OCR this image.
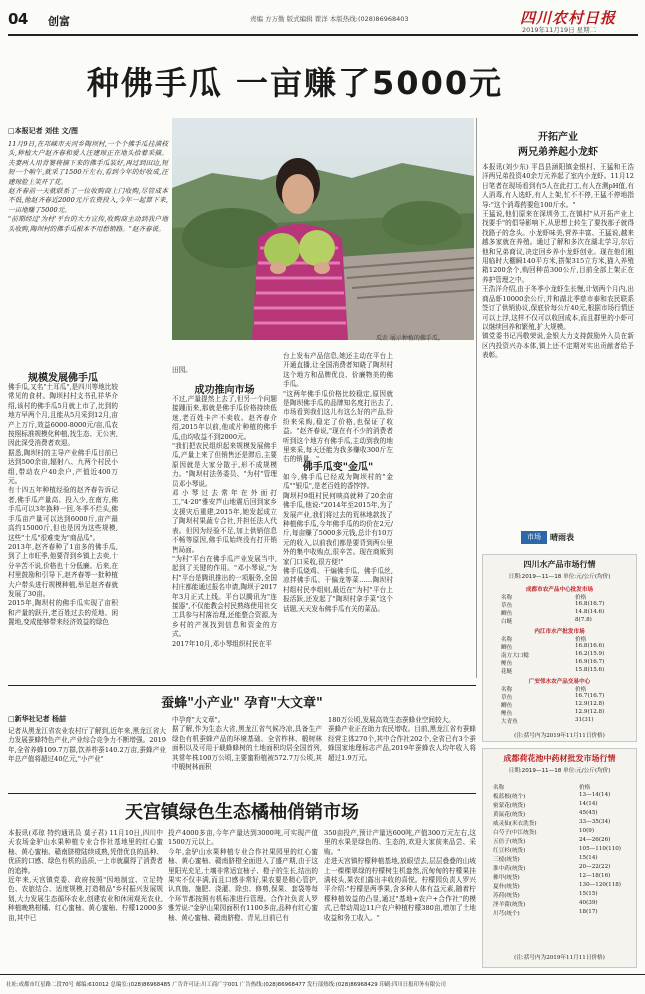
04 创富	责编 方万勤 版式编辑 瞿洋 本版热线:(028)86968403	四川农村日报
2019年11月19日 星期二
种佛手瓜 一亩赚了5000元
□本报记者 刘佳 文/图
11月9日,在邛崃市天河乡陶坝村,一个个佛手瓜挂满枝头,种植大户赵齐春和爱人汪建琼正在地头拾着采摘。夫妻两人用背篓将摘下来的佛手瓜装好,再过到田边,短短一个晌午,就采了1500斤左右,看到今年的好收成,汪建琼脸上笑开了花。
赵齐春前一天就联系了一位收购商上门收购,尽管成本不低,他赵齐春近2000元斤农资投入,今年一起算下来,一亩地赚了5000元。
"前期经过'为村'平台的大力宣传,收购商主动到我户地头收购,陶坝村的佛手瓜根本不用愁销路。"赵齐春说。
瓜农 展示种植的佛手瓜。
规模发展佛手瓜
佛手瓜,又名"土耳瓜",是四川等地比较常见的食材。陶坝村村支书孔祥华介绍,该村的佛手瓜5月就上市了,比到的地方早两个月,且能从5月采到12月,亩产上万斤,效益6000-8000元/亩,瓜农按照标准规模化种植,找生态、无公害,因此深受消费者欢迎。
据悉,陶坝村的主导产业佛手瓜目前已达到500余亩,辐射八、九两个村民小组,带动农户40余户,产值近400万元。
有十四五年种植经验的赵齐春告诉记者,佛手瓜产量高、投入少,在南方,佛手瓜可以3年换种一回,冬季不烂头,佛手瓜亩产量可以达到6000斤,亩产最高约15000斤,但也是因为这些规模,这些"土瓜"很难变为"商品瓜"。
2013年,赵齐春种了1亩多的佛手瓜,到了上市旺季,他要背到乡镇上去卖,十分辛苦不说,价格也十分低廉。后来,在村里鼓励和引导下,赵齐春等一批种植大户带头进行规模种植,举足赵齐春就发展了30亩。
2015年,陶坝村的佛手瓜实现了亩积和产量的跃升,老百姓过去的荒地、闲置地,变成能够带来经济效益的绿色
田园。
成功推向市场
不过,产量提然上去了,但另一个问题接踵而来,那就是佛手瓜价格持续低迷,老百姓卡产不卖收。赵齐春介绍,2015年以前,他或片种植的佛手瓜,由均收益不到2000元。
"我们把农民组织起来规模发展佛手瓜,产量上来了但销售还是滞后,主要原因就是大家分散于,形不成规模力。"陶坝村法务委员、"为村"管理员邓小琴说。
邓小琴过去常年在外面打工,"4·20"雅安芦山地震后回到家乡支援灾后重建,2015年,她发起成立了陶坝村果蔬专合社,并担任法人代表。但因为经验不足,加上供销信息不畅等原因,佛手瓜始终没有打开销售局面。
"为村"平台在佛手瓜产业发展当中,起到了关键的作用。"邓小琴说,"为村"平台是腾讯推出的一项服务,全国村庄都能通过报名申请,陶坝于2017年3月正式上线。平台以腾讯为"连接器",不仅能教会村民熟练使用社交工具参与村落治理,还能整合资源,为乡村的产视找到信息和资金的方式。
2017年10月,邓小琴组织村民在平
台上发布产品信息,她还主动在平台上开通直播,让全国消费者知晓了陶坝村这个地方和品牌优良、价廉物美的佛手瓜。
"这两年佛手瓜价格比较稳定,原因就是陶坝佛手瓜的品牌知名度打出去了,市场看到我们这儿有这么好的产品,纷纷来采购,稳定了价格,也保证了收益。"赵齐春说,"现在有不少的消费者听到这个地方有佛手瓜,主动到我的地里来采,每天还能为我多赚收300斤左右的销量。"
佛手瓜变"金瓜"
如今,佛手瓜已经成为陶坝村的"金瓜""银瓜",是老百姓的香饽饽。
陶坝村9组村民何映高就种了20余亩佛手瓜,他说:"2014年至2015年,为了发展产业,我们将过去的荒林地款找了种植佛手瓜,今年佛手瓜的均价在2元/斤,每亩赚了5000多元钱,总计有10万元的收入,以前我们都是要背到两公里外的集中收购点,很辛苦。现在商贩到家门口采收,很方便!"
佛手瓜烧鸡、干煸佛手瓜、佛手瓜丝,凉拌佛手瓜、干偏龙等菜……陶坝村村组村民李组则,最近在"为村"平台上报活跃,还发起了"陶坝村拿手菜"这个话题,天天发布佛手瓜有关的菜品。
开拓产业
两兄弟养起小龙虾
本报讯(刘少东) 平昌县涵阳镇金银村、王猛和王浩洋两兄弟投资40余万元养起了室内小龙虾。11月12日笔者在现场看到有5人在此打工,有人在测pH值,有人消毒,有人选虾,有人上架,忙不不停,王猛不停地指导:"这个消毒药要危100斤水。"
王猛说,他们原来在深圳务工,在镇村"从开拓产业上找要手"的倡导影响下,从思想上转生了要找那子就得找路子的念头。小龙虾味美,营养丰富、王猛说,越来越多家就在养殖。通过了解和多次在湖北学习,尔后他和兄弟商议,决定回乡养小龙虾创业。现在他们租用临时大棚瞬140平方米,搭架315立方米,猫入养殖箱1200余个,购回种苗300公斤,目前全部上架正在养护管理之中。
王浩洋介绍,由于冬季小龙虾生长慢,计划两个月内,出商品虾10000余公斤,并和湖北季慈市泰和农民联系签订了供销协议,保底价每公斤40元,根据市场行情还可以上浮,这样不仅可以收回成本,而且群里的小虾可以继续回养和繁殖,扩大规模。
镇党委书记冯敬荣说,金银大力支持鼓励外入员在新区内投资兴办本体,镇上还不定期对实出贡献者给予表彰。
市场	晴雨表
四川水产品市场行情
日期:2019—11—18 单位:元/公斤(均价)
成都市农产品中心批发市场
名称	价格
草鱼	16.8(16.7)
鲫鱼	14.8(14.6)
白鲢	8(7.8)
内江市水产批发市场
名称	价格
鲫鱼	16.8(16.6)
南方大口鲶	16.2(15.9)
鲤鱼	16.9(16.7)
花鲢	15.8(15.6)
广安邻水农产品交易中心
名称	价格
草鱼	16.7(16.7)
鲫鱼	12.9(12.8)
鲤鱼	12.9(12.8)
大青鱼	31(31)
(注:括号内为2019年11月11日价格)
成都荷花池中药材批发市场行情
日期:2019—11—18 单位:元/公斤(均价)
名称	价格
板蓝根(统个)	13—14(14)
密蒙花(统货)	14(14)
黄鼠花(统货)	45(45)
威灵仙(米衣洗货)	33—35(34)
白芍子(中江统货)	10(9)
五倍子(统货)	24—26(26)
红豆杉(统货)	105—110(110)
三棱(统货)	15(14)
淮中药(统货)	20—22(22)
佛甲(统货)	12—18(16)
夏朴(统货)	130—120(118)
苏荷(统货)	15(15)
淫羊藿(统货)	40(39)
川芎(统个)	18(17)
(注:括号内为2019年11月11日价格)
蚕蜂"小产业" 孕育"大文章"
□新华社记者 杨喆
记者从黑龙江省农业农村厅了解到,近年来,黑龙江省大力发展蚕蜂特色产业,产业综合竞争力不断增强。2019年,全省养蜂109.7万群,饮养柞蚕140.2万亩,蚕蜂产业年总产值将超过40亿元,"小产业"
中孕育"大文章"。
据了解,作为生态大省,黑龙江省气候冷凉,具备生产绿色有机蚕蜂产品的环境基础、全省柞林、椴树林面积以及可用于载蜂蜂树的土地面积均居全国首列,其常年株100万公顷,主要蜜粉植被572.7万公顷,其中椴树林面积
180万公顷,发展高效生态蚕蜂业空间较大。
蚕蜂产业正在助力农民增收。目前,黑龙江省有蚕蜂经营主体270个,其中合作社202个,全省已有3个蚕蜂国家地理标志产品,2019年蚕蜂农人均年收入将超过1.9万元。
天宫镇绿色生态橘柚俏销市场
本报讯(邓琼 特约通讯员 莫子君) 11月10日,四川中天农场金驴山水果种植专业合作社基地里的红心蜜柚、黄心蜜柚、赣南脐橙陆续成熟,凭借优良的品种、优质的口感、绿色有机的品质,一上市就赢得了消费者的追捧。
近年来,天宫镇党委、政府按照"因地制宜、立足特色、农旅结合、适度规模,打造精品"乡村振兴发展规划,大力发展生态循环农业,创建农业和休闲观光农业,种植晚熟柑橘、红心蜜柚、黄心蜜柚、柠檬12000多亩,其中已
投产4000多亩,今年产量达到3000吨,可实现产值1500万元以上。
今年,金驴山水果种植专业合作社果园里的红心蜜柚、黄心蜜柚、赣南脐橙全面进入了盛产期,由于这里阳光充足,土壤非常适宜柚子、橙子的生长,结出的果实不仅丰满,而且口感非常好,果农要是精心管护,认真施、施肥、浇灌、除虫、修剪,保果、套袋等每个环节都按照有机标准进行管理。合作社负责人罗雅芳说:"金驴山果园面积有1100多亩,品种有红心蜜柚、黄心蜜柚、赣南脐橙、青见,目前已有
350亩投产,预计产量达600吨,产值300万元左右,这里的水果是绿色的、生态的,欢迎大家前来品尝、采购。"
走进天宫镇柠檬种植基地,放眼望去,层层叠叠的山坡上一棵棵翠绿的柠檬树生机盎然,沉甸甸的柠檬果挂满枝头,果农们露出丰收的喜悦。柠檬园负责人罗兴平介绍:"柠檬是两季果,含多种人体有益元素,随着柠檬种植效益的凸显,通过"基地+农户+合作社"的模式,已带动周边11户农户种植柠檬380亩,增加了土地收益和务工收入。"
社址:成都市红星路二段70号 邮编:610012 总编室:(028)86968485 广告许可证:川工商广字001 广告热线:(028)86968477 发行部热线:(028)86968429 印刷:四川日报印务有限公司
